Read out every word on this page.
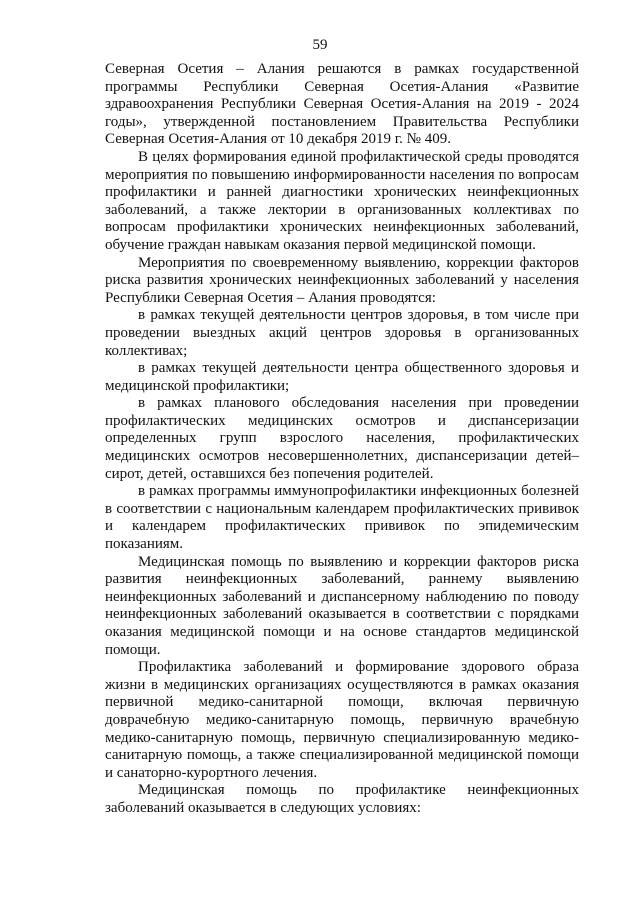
59

Северная Осетия – Алания решаются в рамках государственной программы Республики Северная Осетия-Алания «Развитие здравоохранения Республики Северная Осетия-Алания на 2019 - 2024 годы», утвержденной постановлением Правительства Республики Северная Осетия-Алания от 10 декабря 2019 г. № 409.

В целях формирования единой профилактической среды проводятся мероприятия по повышению информированности населения по вопросам профилактики и ранней диагностики хронических неинфекционных заболеваний, а также лектории в организованных коллективах по вопросам профилактики хронических неинфекционных заболеваний, обучение граждан навыкам оказания первой медицинской помощи.

Мероприятия по своевременному выявлению, коррекции факторов риска развития хронических неинфекционных заболеваний у населения Республики Северная Осетия – Алания проводятся:

в рамках текущей деятельности центров здоровья, в том числе при проведении выездных акций центров здоровья в организованных коллективах;

в рамках текущей деятельности центра общественного здоровья и медицинской профилактики;

в рамках планового обследования населения при проведении профилактических медицинских осмотров и диспансеризации определенных групп взрослого населения, профилактических медицинских осмотров несовершеннолетних, диспансеризации детей–сирот, детей, оставшихся без попечения родителей.

в рамках программы иммунопрофилактики инфекционных болезней в соответствии с национальным календарем профилактических прививок и календарем профилактических прививок по эпидемическим показаниям.

Медицинская помощь по выявлению и коррекции факторов риска развития неинфекционных заболеваний, раннему выявлению неинфекционных заболеваний и диспансерному наблюдению по поводу неинфекционных заболеваний оказывается в соответствии с порядками оказания медицинской помощи и на основе стандартов медицинской помощи.

Профилактика заболеваний и формирование здорового образа жизни в медицинских организациях осуществляются в рамках оказания первичной медико-санитарной помощи, включая первичную доврачебную медико-санитарную помощь, первичную врачебную медико-санитарную помощь, первичную специализированную медико-санитарную помощь, а также специализированной медицинской помощи и санаторно-курортного лечения.

Медицинская помощь по профилактике неинфекционных заболеваний оказывается в следующих условиях:
